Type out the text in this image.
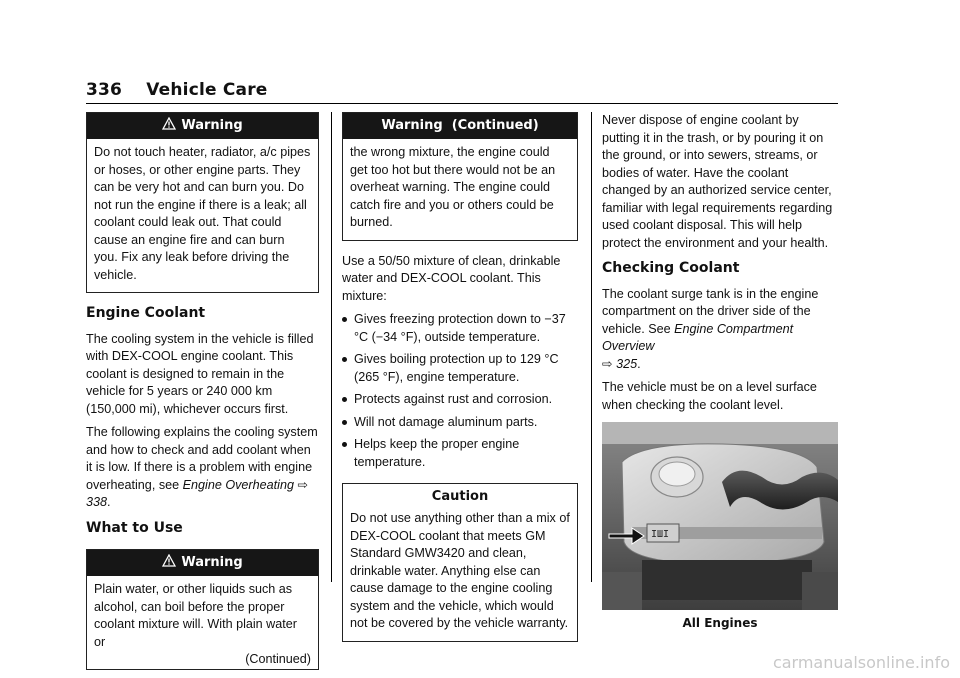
336 Vehicle Care
Warning
Do not touch heater, radiator, a/c pipes or hoses, or other engine parts. They can be very hot and can burn you. Do not run the engine if there is a leak; all coolant could leak out. That could cause an engine fire and can burn you. Fix any leak before driving the vehicle.
Engine Coolant

The cooling system in the vehicle is filled with DEX-COOL engine coolant. This coolant is designed to remain in the vehicle for 5 years or 240 000 km (150,000 mi), whichever occurs first.

The following explains the cooling system and how to check and add coolant when it is low. If there is a problem with engine overheating, see Engine Overheating ⇨ 338.

What to Use
Warning
Plain water, or other liquids such as alcohol, can boil before the proper coolant mixture will. With plain water or
(Continued)
Warning  (Continued)
the wrong mixture, the engine could get too hot but there would not be an overheat warning. The engine could catch fire and you or others could be burned.

Use a 50/50 mixture of clean, drinkable water and DEX-COOL coolant. This mixture:

Gives freezing protection down to −37 °C (−34 °F), outside temperature.
Gives boiling protection up to 129 °C (265 °F), engine temperature.
Protects against rust and corrosion.
Will not damage aluminum parts.
Helps keep the proper engine temperature.
Caution
Do not use anything other than a mix of DEX-COOL coolant that meets GM Standard GMW3420 and clean, drinkable water. Anything else can cause damage to the engine cooling system and the vehicle, which would not be covered by the vehicle warranty.

Never dispose of engine coolant by putting it in the trash, or by pouring it on the ground, or into sewers, streams, or bodies of water. Have the coolant changed by an authorized service center, familiar with legal requirements regarding used coolant disposal. This will help protect the environment and your health.

Checking Coolant

The coolant surge tank is in the engine compartment on the driver side of the vehicle. See Engine Compartment Overview
⇨ 325.

The vehicle must be on a level surface when checking the coolant level.

ΙШΙ
All Engines
carmanualsonline.info
